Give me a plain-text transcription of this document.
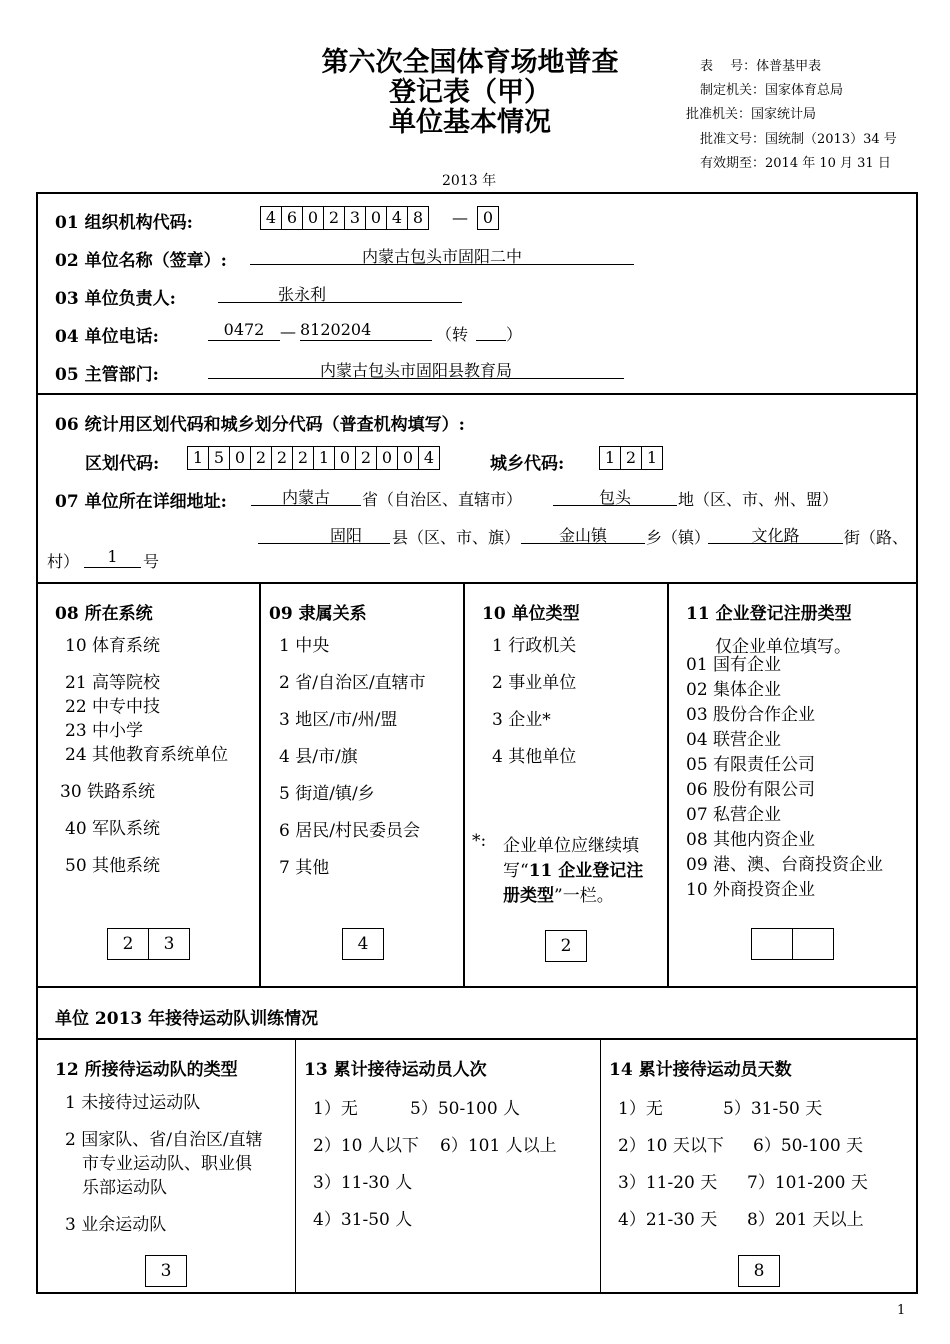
第六次全国体育场地普查
登记表（甲）
单位基本情况
2013 年
表　 号：体普基甲表
制定机关：国家体育总局
批准机关：国家统计局
批准文号：国统制（2013）34 号
有效期至：2014 年 10 月 31 日
01 组织机构代码:	4 6 0 2 3 0 4 8	— 0
02 单位名称（签章）:	内蒙古包头市固阳二中
03 单位负责人:	张永利
04 单位电话:	0472 — 8120204	（转 ）
05 主管部门:	内蒙古包头市固阳县教育局
06 统计用区划代码和城乡划分代码（普查机构填写）:
区划代码:	1 5 0 2 2 2 1 0 2 0 0 4	城乡代码:	1 2 1
07 单位所在详细地址:	内蒙古	省（自治区、直辖市）	包头	地（区、市、州、盟）
固阳	县（区、市、旗）	金山镇	乡（镇）	文化路	街（路、
村）	1	号
08 所在系统
10 体育系统
21 高等院校
22 中专中技
23 中小学
24 其他教育系统单位
30 铁路系统
40 军队系统
50 其他系统
2	3
09 隶属关系
1 中央
2 省/自治区/直辖市
3 地区/市/州/盟
4 县/市/旗
5 街道/镇/乡
6 居民/村民委员会
7 其他
4
10 单位类型
1 行政机关
2 事业单位
3 企业*
4 其他单位
*: 企业单位应继续填
写“11 企业登记注
册类型”一栏。
2
11 企业登记注册类型
仅企业单位填写。
01 国有企业
02 集体企业
03 股份合作企业
04 联营企业
05 有限责任公司
06 股份有限公司
07 私营企业
08 其他内资企业
09 港、澳、台商投资企业
10 外商投资企业
单位 2013 年接待运动队训练情况
12 所接待运动队的类型
1 未接待过运动队
2 国家队、省/自治区/直辖
市专业运动队、职业俱
乐部运动队
3 业余运动队
3
13 累计接待运动员人次
1）无	5）50-100 人
2）10 人以下 6）101 人以上
3）11-30 人
4）31-50 人
14 累计接待运动员天数
1）无	5）31-50 天
2）10 天以下 6）50-100 天
3）11-20 天 7）101-200 天
4）21-30 天 8）201 天以上
8
1
